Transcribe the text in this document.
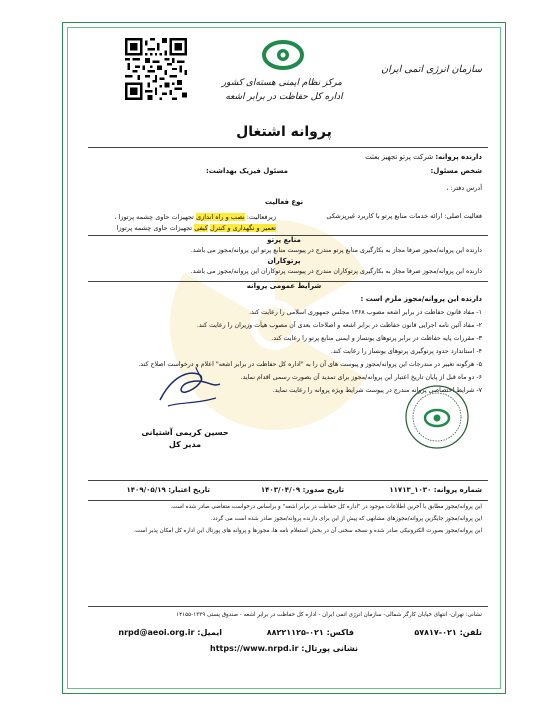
مرکز نظام ایمنی هسته‌ای کشور
اداره کل حفاظت در برابر اشعه
سازمان انرژی اتمی ایران
پروانه اشتغال
دارنده پروانه: شرکت پرتو تجهیز بعثت
شخص مسئول:
مسئول فیزیک بهداشت:
آدرس دفتر: ،
نوع فعالیت
فعالیت اصلی: ارائه خدمات منابع پرتو با کاربرد غیرپزشکی
زیرفعالیت: نصب و راه اندازی تجهیزات حاوی چشمه پرتوزا ، تعمیر و نگهداری و کنترل کیفی تجهیزات حاوی چشمه پرتوزا
منابع پرتو
دارنده این پروانه/مجوز صرفا مجاز به بکارگیری منابع پرتو مندرج در پیوست منابع پرتو این پروانه/مجوز می باشد.
پرتوکاران
دارنده این پروانه/مجوز صرفا مجاز به بکارگیری پرتوکاران مندرج در پیوست پرتوکاران این پروانه/مجوز می باشد.
شرایط عمومی پروانه
دارنده این پروانه/مجوز ملزم است :
۱- مفاد قانون حفاظت در برابر اشعه مصوب ۱۳۶۸ مجلس جمهوری اسلامی را رعایت کند.
۲- مفاد آئین نامه اجرایی قانون حفاظت در برابر اشعه و اصلاحات بعدی آن مصوب هیأت وزیران را رعایت کند.
۳- مقررات پایه حفاظت در برابر پرتوهای یونساز و ایمنی منابع پرتو را رعایت کند.
۴- استاندارد حدود پرتوگیری پرتوهای یونساز را رعایت کند.
۵- هرگونه تغییر در مندرجات این پروانه/مجوز و پیوست های آن را به "اداره کل حفاظت در برابر اشعه" اعلام و درخواست اصلاح کند.
۶- دو ماه قبل از پایان تاریخ اعتبار این پروانه/مجوز برای تمدید آن بصورت رسمی اقدام نماید.
۷- شرایط اختصاصی پروانه مندرج در پیوست شرایط ویژه پروانه را رعایت نماید.
حسین کریمی آشتیانی
مدیر کل
شماره پروانه: ۱۰۳۰_۱۱۷۱۳
تاریخ صدور: ۱۴۰۳/۰۴/۰۹
تاریخ اعتبار: ۱۴۰۹/۰۵/۱۹
این پروانه/مجوز مطابق با آخرین اطلاعات موجود در "اداره کل حفاظت در برابر اشعه" و براساس درخواست متقاضی صادر شده است.
این پروانه/مجوز جایگزین پروانه/مجوزهای مشابهی که پیش از این برای دارنده پروانه/مجوز صادر شده است می گردد.
این پروانه/مجوز بصورت الکترونیکی صادر شده و نسخه سخنی آن در بخش استعلام نامه ها، مجوزها و پروانه های پورتال این اداره کل امکان پذیر است.
نشانی: تهران- انتهای خیابان کارگر شمالی- سازمان انرژی اتمی ایران - اداره کل حفاظت در برابر اشعه - صندوق پستی ۱۳۳۹-۱۴۱۵۵
تلفن: ۰۲۱-۵۷۸۱۷
فاکس: ۰۲۱-۸۸۲۲۱۱۲۵
ایمیل: nrpd@aeoi.org.ir
نشانی پورتال: https://www.nrpd.ir
